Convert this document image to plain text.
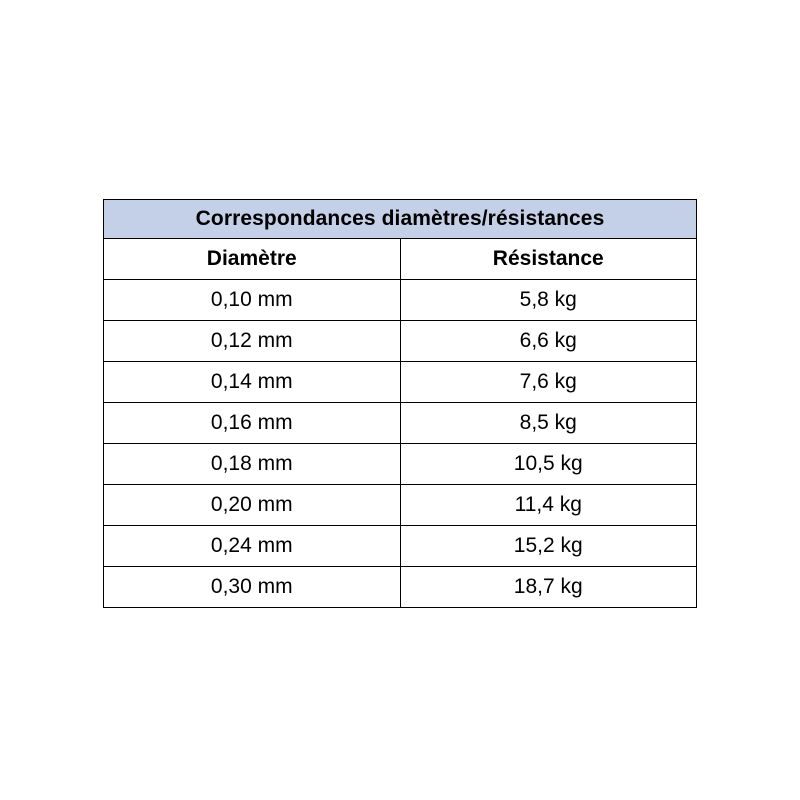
Correspondances diamètres/résistances	
Diamètre	Résistance
0,10 mm	5,8 kg
0,12 mm	6,6 kg
0,14 mm	7,6 kg
0,16 mm	8,5 kg
0,18 mm	10,5 kg
0,20 mm	11,4 kg
0,24 mm	15,2 kg
0,30 mm	18,7 kg
